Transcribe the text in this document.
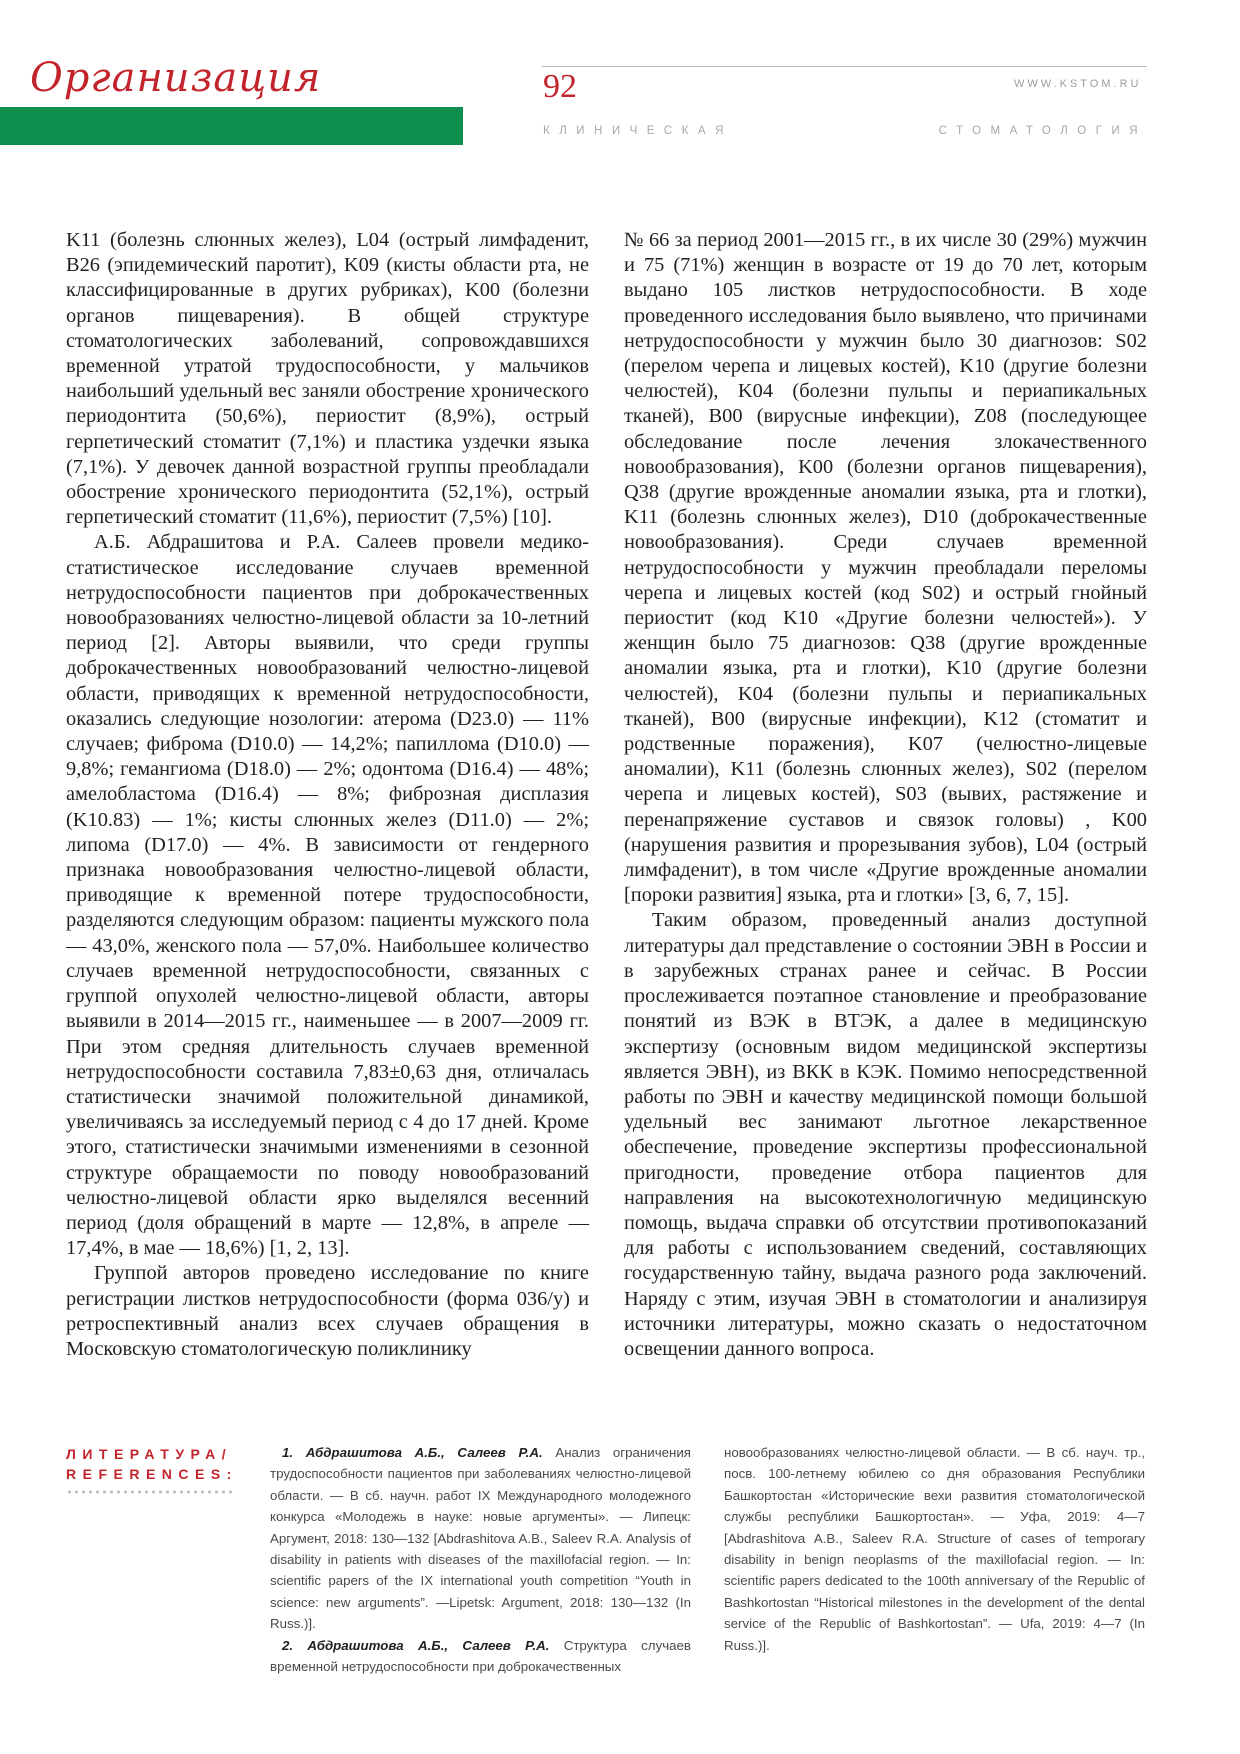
Организация	92	WWW.KSTOM.RU
КЛИНИЧЕСКАЯ СТОМАТОЛОГИЯ

K11 (болезнь слюнных желез), L04 (острый лимфаденит, B26 (эпидемический паротит), K09 (кисты области рта, не классифицированные в других рубриках), K00 (болезни органов пищеварения). В общей структуре стоматологических заболеваний, сопровождавшихся временной утратой трудоспособности, у мальчиков наибольший удельный вес заняли обострение хронического периодонтита (50,6%), периостит (8,9%), острый герпетический стоматит (7,1%) и пластика уздечки языка (7,1%). У девочек данной возрастной группы преобладали обострение хронического периодонтита (52,1%), острый герпетический стоматит (11,6%), периостит (7,5%) [10].

А.Б. Абдрашитова и Р.А. Салеев провели медико-статистическое исследование случаев временной нетрудоспособности пациентов при доброкачественных новообразованиях челюстно-лицевой области за 10-летний период [2]. Авторы выявили, что среди группы доброкачественных новообразований челюстно-лицевой области, приводящих к временной нетрудоспособности, оказались следующие нозологии: атерома (D23.0) — 11% случаев; фиброма (D10.0) — 14,2%; папиллома (D10.0) — 9,8%; гемангиома (D18.0) — 2%; одонтома (D16.4) — 48%; амелобластома (D16.4) — 8%; фиброзная дисплазия (K10.83) — 1%; кисты слюнных желез (D11.0) — 2%; липома (D17.0) — 4%. В зависимости от гендерного признака новообразования челюстно-лицевой области, приводящие к временной потере трудоспособности, разделяются следующим образом: пациенты мужского пола — 43,0%, женского пола — 57,0%. Наибольшее количество случаев временной нетрудоспособности, связанных с группой опухолей челюстно-лицевой области, авторы выявили в 2014—2015 гг., наименьшее — в 2007—2009 гг. При этом средняя длительность случаев временной нетрудоспособности составила 7,83±0,63 дня, отличалась статистически значимой положительной динамикой, увеличиваясь за исследуемый период с 4 до 17 дней. Кроме этого, статистически значимыми изменениями в сезонной структуре обращаемости по поводу новообразований челюстно-лицевой области ярко выделялся весенний период (доля обращений в марте — 12,8%, в апреле — 17,4%, в мае — 18,6%) [1, 2, 13].

Группой авторов проведено исследование по книге регистрации листков нетрудоспособности (форма 036/у) и ретроспективный анализ всех случаев обращения в Московскую стоматологическую поликлинику

№ 66 за период 2001—2015 гг., в их числе 30 (29%) мужчин и 75 (71%) женщин в возрасте от 19 до 70 лет, которым выдано 105 листков нетрудоспособности. В ходе проведенного исследования было выявлено, что причинами нетрудоспособности у мужчин было 30 диагнозов: S02 (перелом черепа и лицевых костей), K10 (другие болезни челюстей), K04 (болезни пульпы и периапикальных тканей), B00 (вирусные инфекции), Z08 (последующее обследование после лечения злокачественного новообразования), K00 (болезни органов пищеварения), Q38 (другие врожденные аномалии языка, рта и глотки), K11 (болезнь слюнных желез), D10 (доброкачественные новообразования). Среди случаев временной нетрудоспособности у мужчин преобладали переломы черепа и лицевых костей (код S02) и острый гнойный периостит (код K10 «Другие болезни челюстей»). У женщин было 75 диагнозов: Q38 (другие врожденные аномалии языка, рта и глотки), K10 (другие болезни челюстей), K04 (болезни пульпы и периапикальных тканей), B00 (вирусные инфекции), K12 (стоматит и родственные поражения), K07 (челюстно-лицевые аномалии), K11 (болезнь слюнных желез), S02 (перелом черепа и лицевых костей), S03 (вывих, растяжение и перенапряжение суставов и связок головы) , K00 (нарушения развития и прорезывания зубов), L04 (острый лимфаденит), в том числе «Другие врожденные аномалии [пороки развития] языка, рта и глотки» [3, 6, 7, 15].

Таким образом, проведенный анализ доступной литературы дал представление о состоянии ЭВН в России и в зарубежных странах ранее и сейчас. В России прослеживается поэтапное становление и преобразование понятий из ВЭК в ВТЭК, а далее в медицинскую экспертизу (основным видом медицинской экспертизы является ЭВН), из ВКК в КЭК. Помимо непосредственной работы по ЭВН и качеству медицинской помощи большой удельный вес занимают льготное лекарственное обеспечение, проведение экспертизы профессиональной пригодности, проведение отбора пациентов для направления на высокотехнологичную медицинскую помощь, выдача справки об отсутствии противопоказаний для работы с использованием сведений, составляющих государственную тайну, выдача разного рода заключений. Наряду с этим, изучая ЭВН в стоматологии и анализируя источники литературы, можно сказать о недостаточном освещении данного вопроса.

ЛИТЕРАТУРА/
REFERENCES:

1. Абдрашитова А.Б., Салеев Р.А. Анализ ограничения трудоспособности пациентов при заболеваниях челюстно-лицевой области. — В сб. научн. работ IX Международного молодежного конкурса «Молодежь в науке: новые аргументы». — Липецк: Аргумент, 2018: 130—132 [Abdrashitova A.B., Saleev R.A. Analysis of disability in patients with diseases of the maxillofacial region. — In: scientific papers of the IX international youth competition “Youth in science: new arguments”. —Lipetsk: Argument, 2018: 130—132 (In Russ.)].

2. Абдрашитова А.Б., Салеев Р.А. Структура случаев временной нетрудоспособности при доброкачественных

новообразованиях челюстно-лицевой области. — В сб. науч. тр., посв. 100-летнему юбилею со дня образования Республики Башкортостан «Исторические вехи развития стоматологической службы республики Башкортостан». — Уфа, 2019: 4—7 [Abdrashitova A.B., Saleev R.A. Structure of cases of temporary disability in benign neoplasms of the maxillofacial region. — In: scientific papers dedicated to the 100th anniversary of the Republic of Bashkortostan “Historical milestones in the development of the dental service of the Republic of Bashkortostan”. — Ufa, 2019: 4—7 (In Russ.)].
